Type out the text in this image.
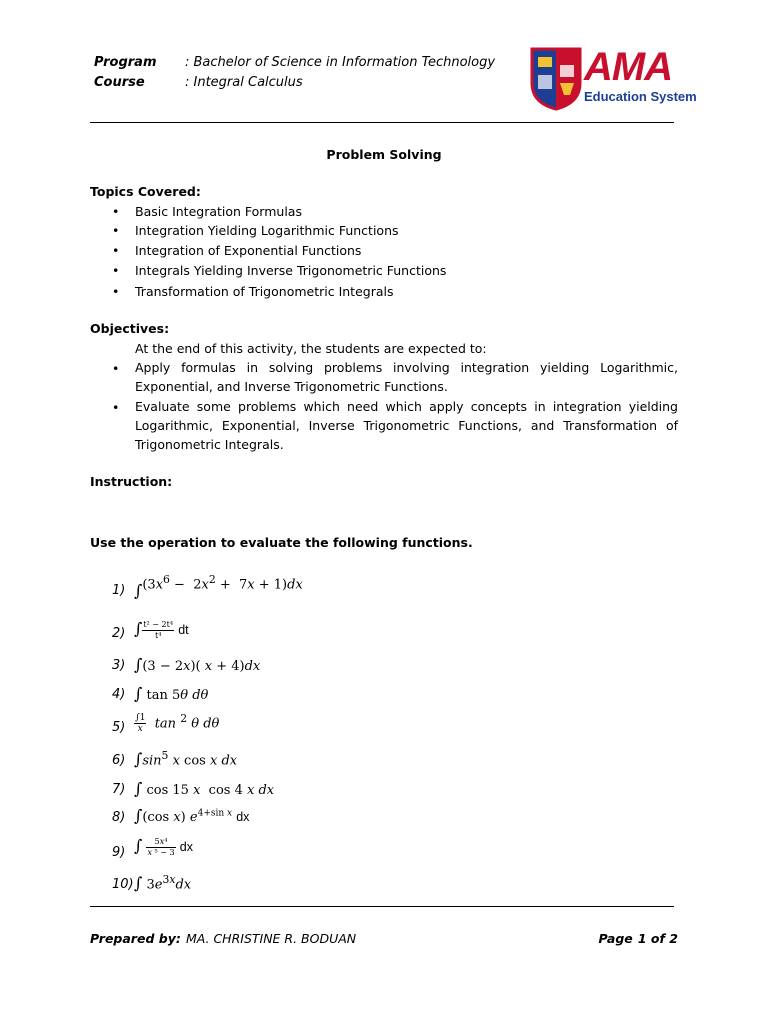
Program : Bachelor of Science in Information Technology
Course	: Integral Calculus	AMA
Education System
Problem Solving
Topics Covered:
• Basic Integration Formulas
• Integration Yielding Logarithmic Functions
• Integration of Exponential Functions
• Integrals Yielding Inverse Trigonometric Functions
• Transformation of Trigonometric Integrals
Objectives:
At the end of this activity, the students are expected to:
• Apply formulas in solving problems involving integration yielding Logarithmic, Exponential, and Inverse Trigonometric Functions.
• Evaluate some problems which need which apply concepts in integration yielding Logarithmic, Exponential, Inverse Trigonometric Functions, and Transformation of Trigonometric Integrals.
Instruction:
Use the operation to evaluate the following functions.
1) $\int(3x^6 - 2x^2 + 7x + 1)dx$
2) ∫ $\frac{\text{t² − 2t⁴}}{\text{t⁴}}$ dt
3) ∫(3 − 2x)( x + 4)dx
4) ∫ tan 5θ dθ
$5) \frac{\int 1}{x}$ tan $^2$ θ dθ
6) $\int\sin^5$ x cos x dx
7) ∫ cos 15 x  cos 4 x dx
8) ∫(cos x) $e^{4+sin x}$ dx
9) ∫ $\frac{\text{5x⁴}}{\text{x ⁵ − 3}}$ dx
10) ∫ $3e^{3x}dx$
Prepared by: MA. CHRISTINE R. BODUAN	Page 1 of 2
